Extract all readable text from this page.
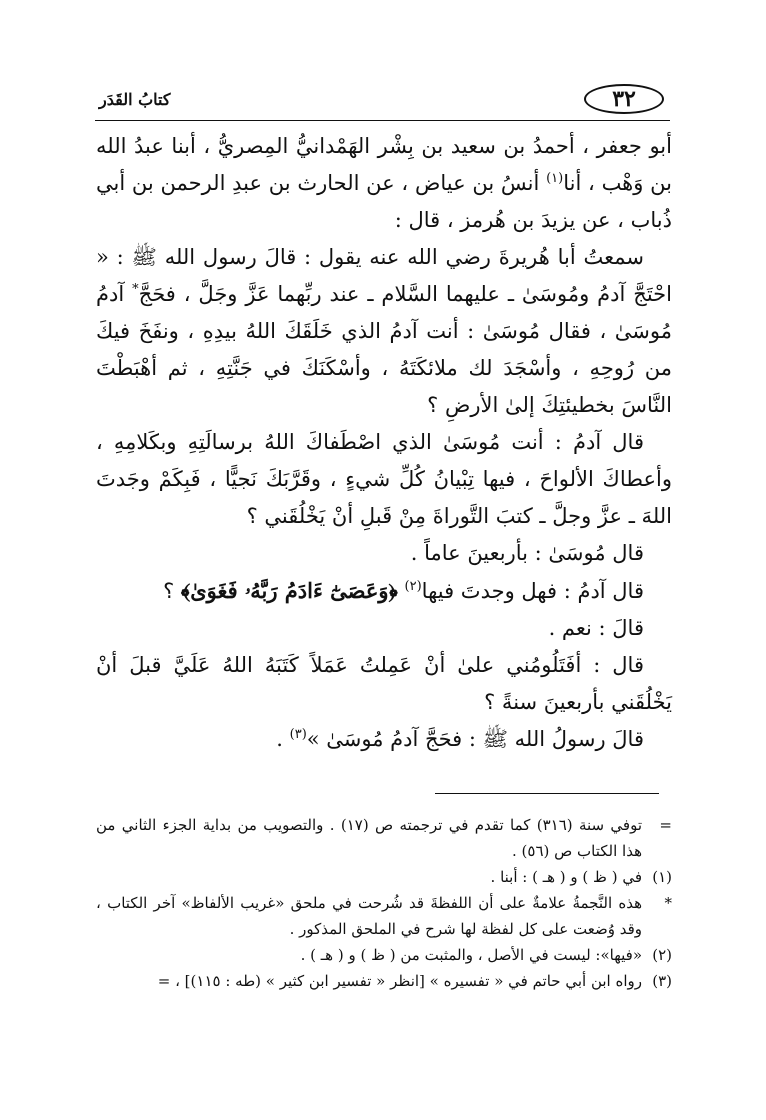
٣٢
كتابُ القَدَر

أبو جعفر ، أحمدُ بن سعيد بن بِشْر الهَمْدانيُّ المِصريُّ ، أبنا عبدُ الله بن وَهْب ، أنا$^{(١)}$ أنسُ بن عياض ، عن الحارث بن عبدِ الرحمن بن أبي ذُباب ، عن يزيدَ بن هُرمز ، قال :

سمعتُ أبا هُريرةَ رضي الله عنه يقول : قالَ رسول الله ﷺ : « احْتَجَّ آدمُ ومُوسَىٰ ـ عليهما السَّلام ـ عند ربِّهما عَزَّ وجَلَّ ، فحَجَّ* آدمُ مُوسَىٰ ، فقال مُوسَىٰ : أنت آدمُ الذي خَلَقَكَ اللهُ بيدِهِ ، ونفَخَ فيكَ من رُوحِهِ ، وأسْجَدَ لك ملائكَتَهُ ، وأسْكَنَكَ في جَنَّتِهِ ، ثم أهْبَطْتَ النَّاسَ بخطيئتِكَ إلىٰ الأرضِ ؟

قال آدمُ : أنت مُوسَىٰ الذي اصْطَفاكَ اللهُ برسالَتِهِ وبكَلامِهِ ، وأعطاكَ الألواحَ ، فيها تِبْيانُ كُلِّ شيءٍ ، وقَرَّبَكَ نَجيًّا ، فَبِكَمْ وجَدتَ اللهَ ـ عزَّ وجلَّ ـ كتبَ التَّوراةَ مِنْ قَبلِ أنْ يَخْلُقَني ؟

قال مُوسَىٰ : بأربعينَ عاماً .

قال آدمُ : فهل وجدتَ فيها$^{(٢)}$ ﴿وَعَصَىٰٓ ءَادَمُ رَبَّهُۥ فَغَوَىٰ﴾ ؟

قالَ : نعم .

قال : أفَتَلُومُني علىٰ أنْ عَمِلتُ عَمَلاً كَتَبَهُ اللهُ عَلَيَّ قبلَ أنْ يَخْلُقَني بأربعينَ سنةً ؟

قالَ رسولُ الله ﷺ : فحَجَّ آدمُ مُوسَىٰ »$^{(٣)}$ .

=
توفي سنة (٣١٦) كما تقدم في ترجمته ص (١٧) . والتصويب من بداية الجزء الثاني من هذا الكتاب ص (٥٦) .
(١)
في ( ظ ) و ( هـ ) : أبنا .
*
هذه النَّجمةُ علامةٌ على أن اللفظةَ قد شُرحت في ملحق «غريب الألفاظ» آخر الكتاب ، وقد وُضعت على كل لفظة لها شرح في الملحق المذكور .
(٢)
«فيها»: ليست في الأصل ، والمثبت من ( ظ ) و ( هـ ) .
(٣)
رواه ابن أبي حاتم في « تفسيره » [انظر « تفسير ابن كثير » (طه : ١١٥)] ، =
